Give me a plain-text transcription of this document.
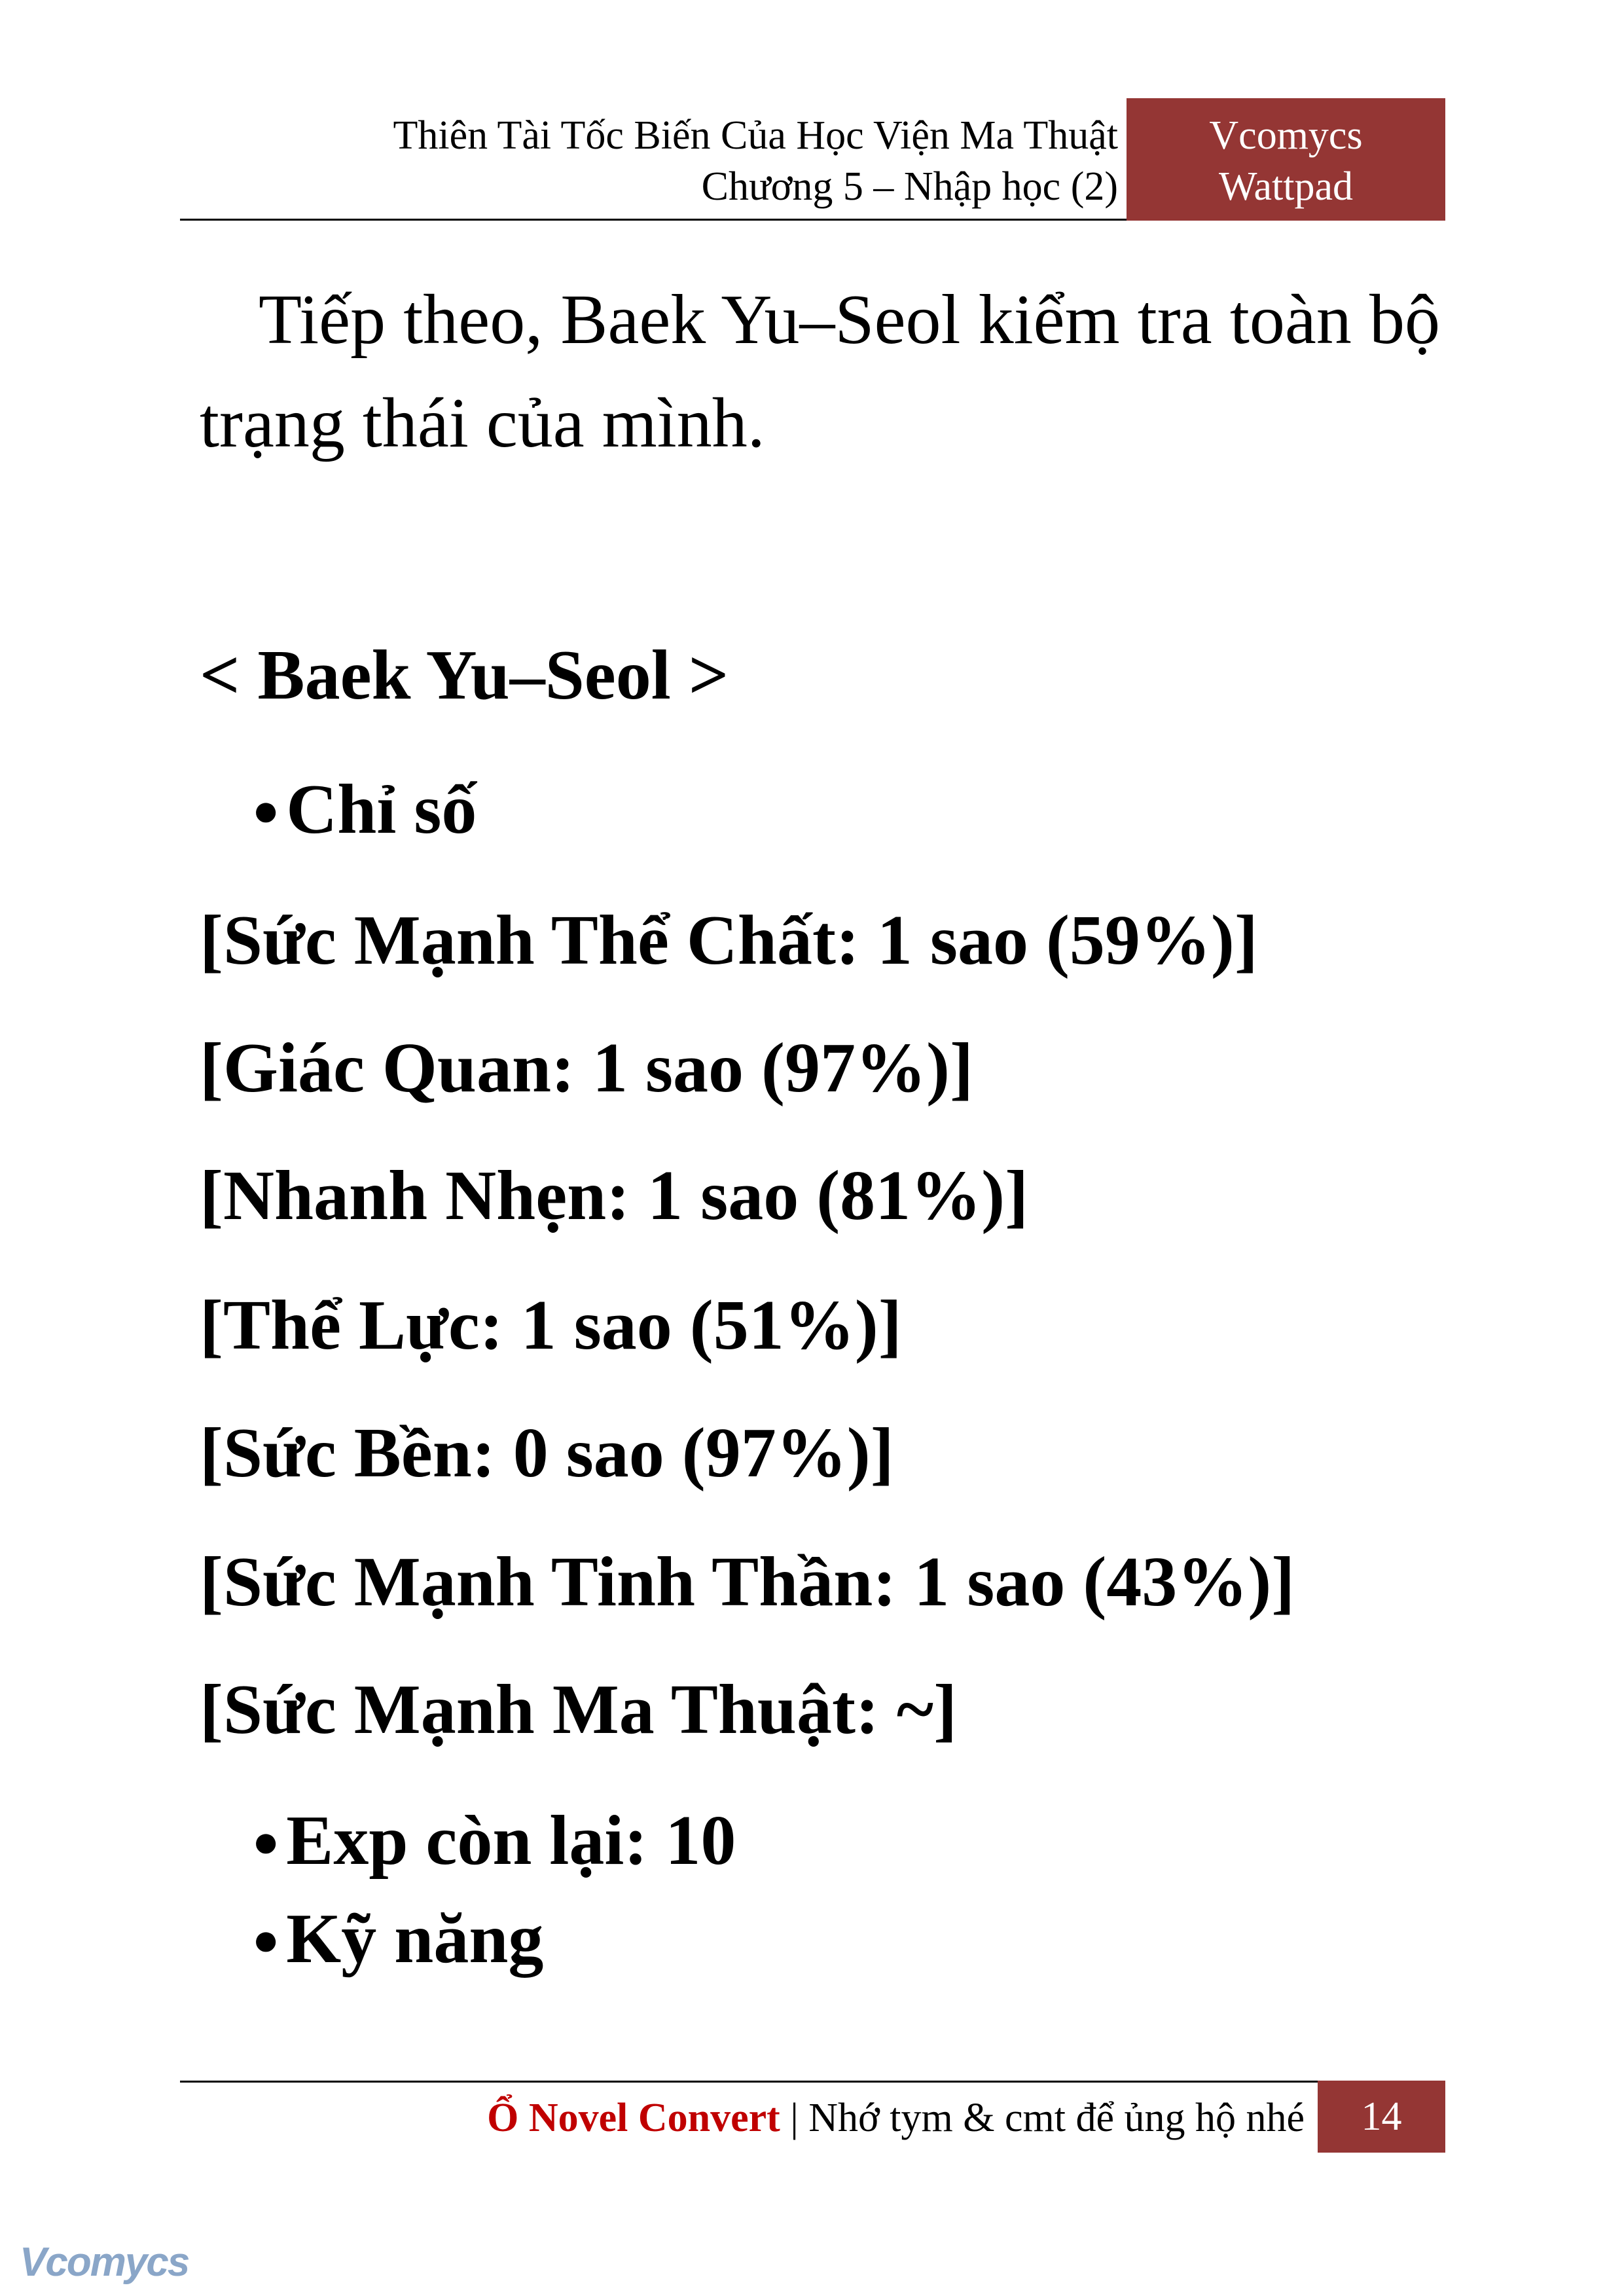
Thiên Tài Tốc Biến Của Học Viện Ma Thuật
Chương 5 – Nhập học (2)
Vcomycs
Wattpad

Tiếp theo, Baek Yu–Seol kiểm tra toàn bộ trạng thái của mình.

< Baek Yu–Seol >
●Chỉ số
[Sức Mạnh Thể Chất: 1 sao (59%)]
[Giác Quan: 1 sao (97%)]
[Nhanh Nhẹn: 1 sao (81%)]
[Thể Lực: 1 sao (51%)]
[Sức Bền: 0 sao (97%)]
[Sức Mạnh Tinh Thần: 1 sao (43%)]
[Sức Mạnh Ma Thuật: ~]
●Exp còn lại: 10
●Kỹ năng
Ổ Novel Convert | Nhớ tym & cmt để ủng hộ nhé	14
Vcomycs
